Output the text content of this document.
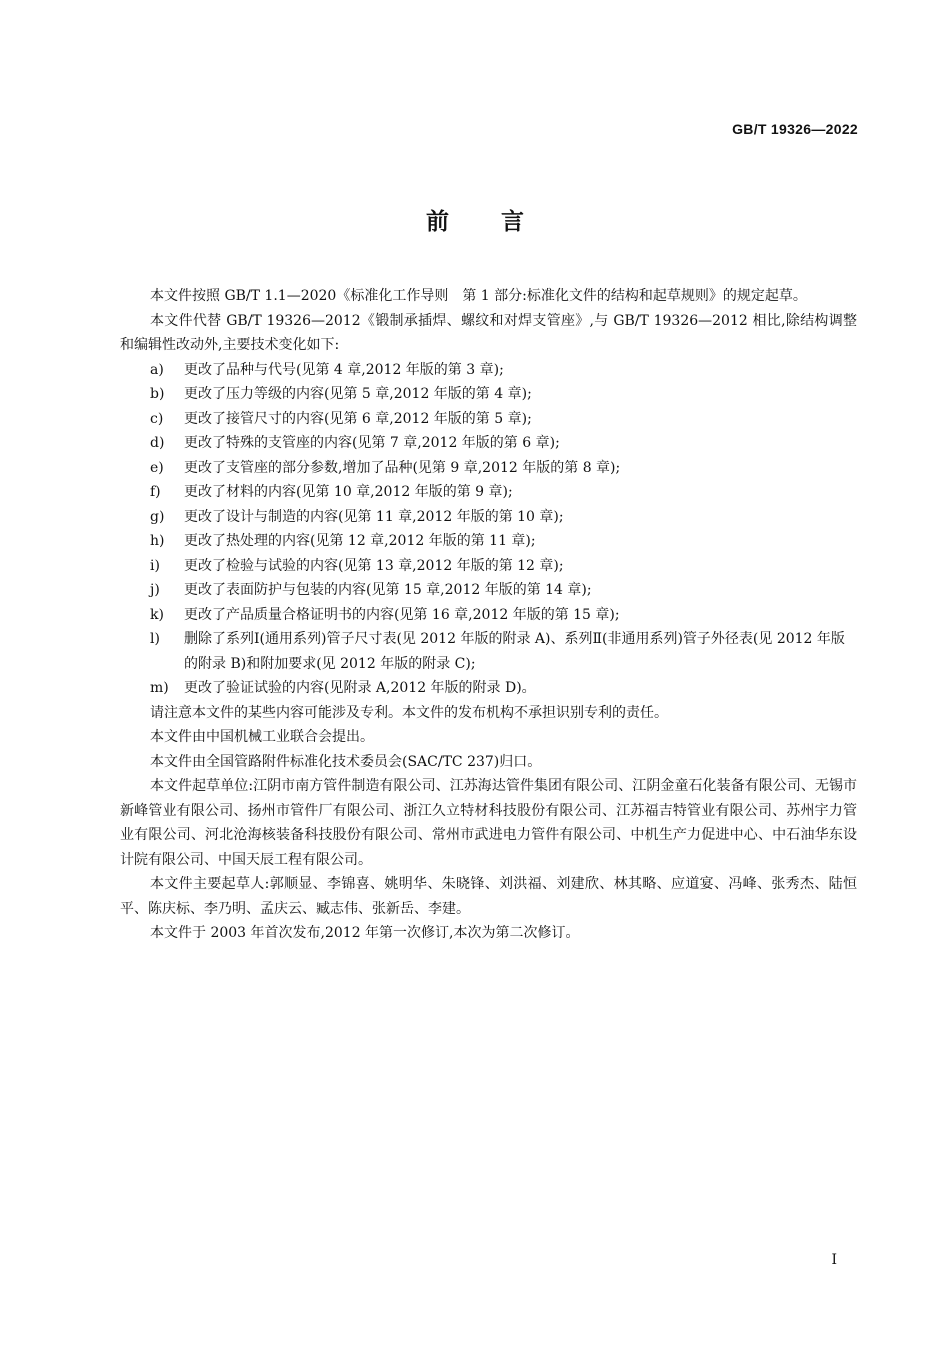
GB/T 19326—2022
前言

本文件按照 GB/T 1.1—2020《标准化工作导则　第 1 部分:标准化文件的结构和起草规则》的规定起草。

本文件代替 GB/T 19326—2012《锻制承插焊、螺纹和对焊支管座》,与 GB/T 19326—2012 相比,除结构调整和编辑性改动外,主要技术变化如下:

a)	更改了品种与代号(见第 4 章,2012 年版的第 3 章);
b)	更改了压力等级的内容(见第 5 章,2012 年版的第 4 章);
c)	更改了接管尺寸的内容(见第 6 章,2012 年版的第 5 章);
d)	更改了特殊的支管座的内容(见第 7 章,2012 年版的第 6 章);
e)	更改了支管座的部分参数,增加了品种(见第 9 章,2012 年版的第 8 章);
f)	更改了材料的内容(见第 10 章,2012 年版的第 9 章);
g)	更改了设计与制造的内容(见第 11 章,2012 年版的第 10 章);
h)	更改了热处理的内容(见第 12 章,2012 年版的第 11 章);
i)	更改了检验与试验的内容(见第 13 章,2012 年版的第 12 章);
j)	更改了表面防护与包装的内容(见第 15 章,2012 年版的第 14 章);
k)	更改了产品质量合格证明书的内容(见第 16 章,2012 年版的第 15 章);
l)	删除了系列Ⅰ(通用系列)管子尺寸表(见 2012 年版的附录 A)、系列Ⅱ(非通用系列)管子外径表(见 2012 年版的附录 B)和附加要求(见 2012 年版的附录 C);
m)	更改了验证试验的内容(见附录 A,2012 年版的附录 D)。

请注意本文件的某些内容可能涉及专利。本文件的发布机构不承担识别专利的责任。

本文件由中国机械工业联合会提出。

本文件由全国管路附件标准化技术委员会(SAC/TC 237)归口。

本文件起草单位:江阴市南方管件制造有限公司、江苏海达管件集团有限公司、江阴金童石化装备有限公司、无锡市新峰管业有限公司、扬州市管件厂有限公司、浙江久立特材科技股份有限公司、江苏福吉特管业有限公司、苏州宇力管业有限公司、河北沧海核装备科技股份有限公司、常州市武进电力管件有限公司、中机生产力促进中心、中石油华东设计院有限公司、中国天辰工程有限公司。

本文件主要起草人:郭顺显、李锦喜、姚明华、朱晓锋、刘洪福、刘建欣、林其略、应道宴、冯峰、张秀杰、陆恒平、陈庆标、李乃明、孟庆云、臧志伟、张新岳、李建。

本文件于 2003 年首次发布,2012 年第一次修订,本次为第二次修订。

I
